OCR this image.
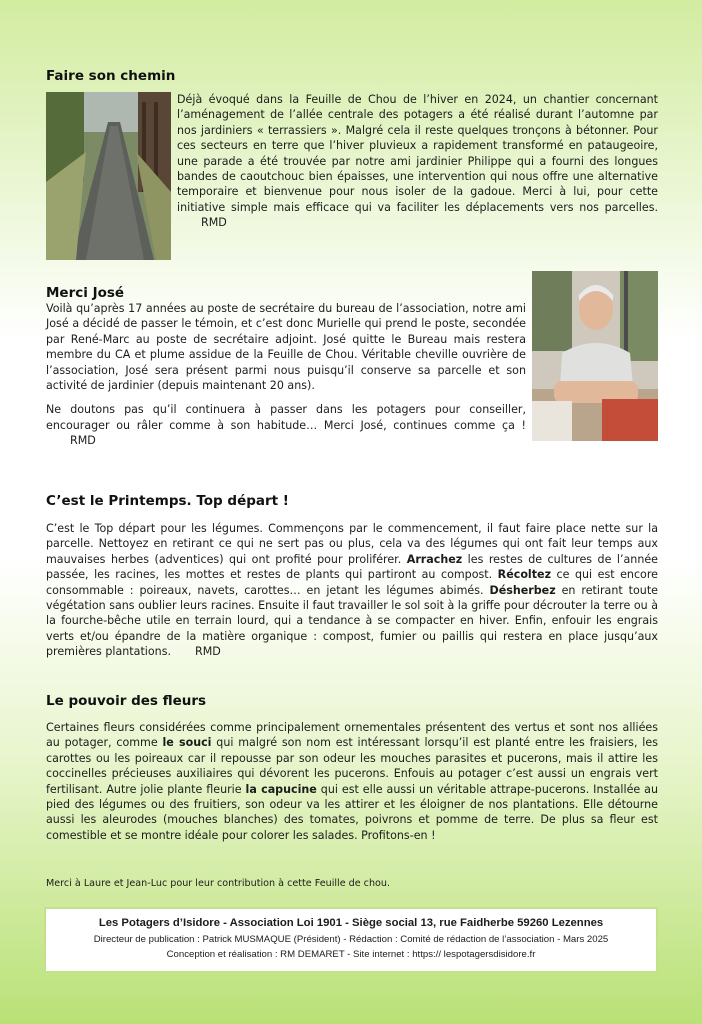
Faire son chemin

Déjà évoqué dans la Feuille de Chou de l’hiver en 2024, un chantier concernant l’aménagement de l’allée centrale des potagers a été réalisé durant l’automne par nos jardiniers « terrassiers ». Malgré cela il reste quelques tronçons à bétonner. Pour ces secteurs en terre que l’hiver pluvieux a rapidement transformé en pataugeoire, une parade a été trouvée par notre ami jardinier Philippe qui a fourni des longues bandes de caoutchouc bien épaisses, une intervention qui nous offre une alternative temporaire et bienvenue pour nous isoler de la gadoue. Merci à lui, pour cette initiative simple mais efficace qui va faciliter les déplacements vers nos parcelles.RMD

Merci José

Voilà qu’après 17 années au poste de secrétaire du bureau de l’association, notre ami José a décidé de passer le témoin, et c’est donc Murielle qui prend le poste, secondée par René-Marc au poste de secrétaire adjoint. José quitte le Bureau mais restera membre du CA et plume assidue de la Feuille de Chou. Véritable cheville ouvrière de l’association, José sera présent parmi nous puisqu’il conserve sa parcelle et son activité de jardinier (depuis maintenant 20 ans).

Ne doutons pas qu’il continuera à passer dans les potagers pour conseiller, encourager ou râler comme à son habitude… Merci José, continues comme ça !RMD

C’est le Printemps. Top départ !

C’est le Top départ pour les légumes. Commençons par le commencement, il faut faire place nette sur la parcelle. Nettoyez en retirant ce qui ne sert pas ou plus, cela va des légumes qui ont fait leur temps aux mauvaises herbes (adventices) qui ont profité pour proliférer. Arrachez les restes de cultures de l’année passée, les racines, les mottes et restes de plants qui partiront au compost. Récoltez ce qui est encore consommable : poireaux, navets, carottes… en jetant les légumes abimés. Désherbez en retirant toute végétation sans oublier leurs racines. Ensuite il faut travailler le sol soit à la griffe pour décrouter la terre ou à la fourche-bêche utile en terrain lourd, qui a tendance à se compacter en hiver. Enfin, enfouir les engrais verts et/ou épandre de la matière organique : compost, fumier ou paillis qui restera en place jusqu’aux premières plantations. RMD

Le pouvoir des fleurs

Certaines fleurs considérées comme principalement ornementales présentent des vertus et sont nos alliées au potager, comme le souci qui malgré son nom est intéressant lorsqu’il est planté entre les fraisiers, les carottes ou les poireaux car il repousse par son odeur les mouches parasites et pucerons, mais il attire les coccinelles précieuses auxiliaires qui dévorent les pucerons. Enfouis au potager c’est aussi un engrais vert fertilisant. Autre jolie plante fleurie la capucine qui est elle aussi un véritable attrape-pucerons. Installée au pied des légumes ou des fruitiers, son odeur va les attirer et les éloigner de nos plantations. Elle détourne aussi les aleurodes (mouches blanches) des tomates, poivrons et pomme de terre. De plus sa fleur est comestible et se montre idéale pour colorer les salades. Profitons-en !

Merci à Laure et Jean-Luc pour leur contribution à cette Feuille de chou.

Les Potagers d’Isidore - Association Loi 1901 - Siège social 13, rue Faidherbe 59260 Lezennes
Directeur de publication : Patrick MUSMAQUE (Président) - Rédaction : Comité de rédaction de l’association - Mars 2025
Conception et réalisation : RM DEMARET - Site internet : https:// lespotagersdisidore.fr
